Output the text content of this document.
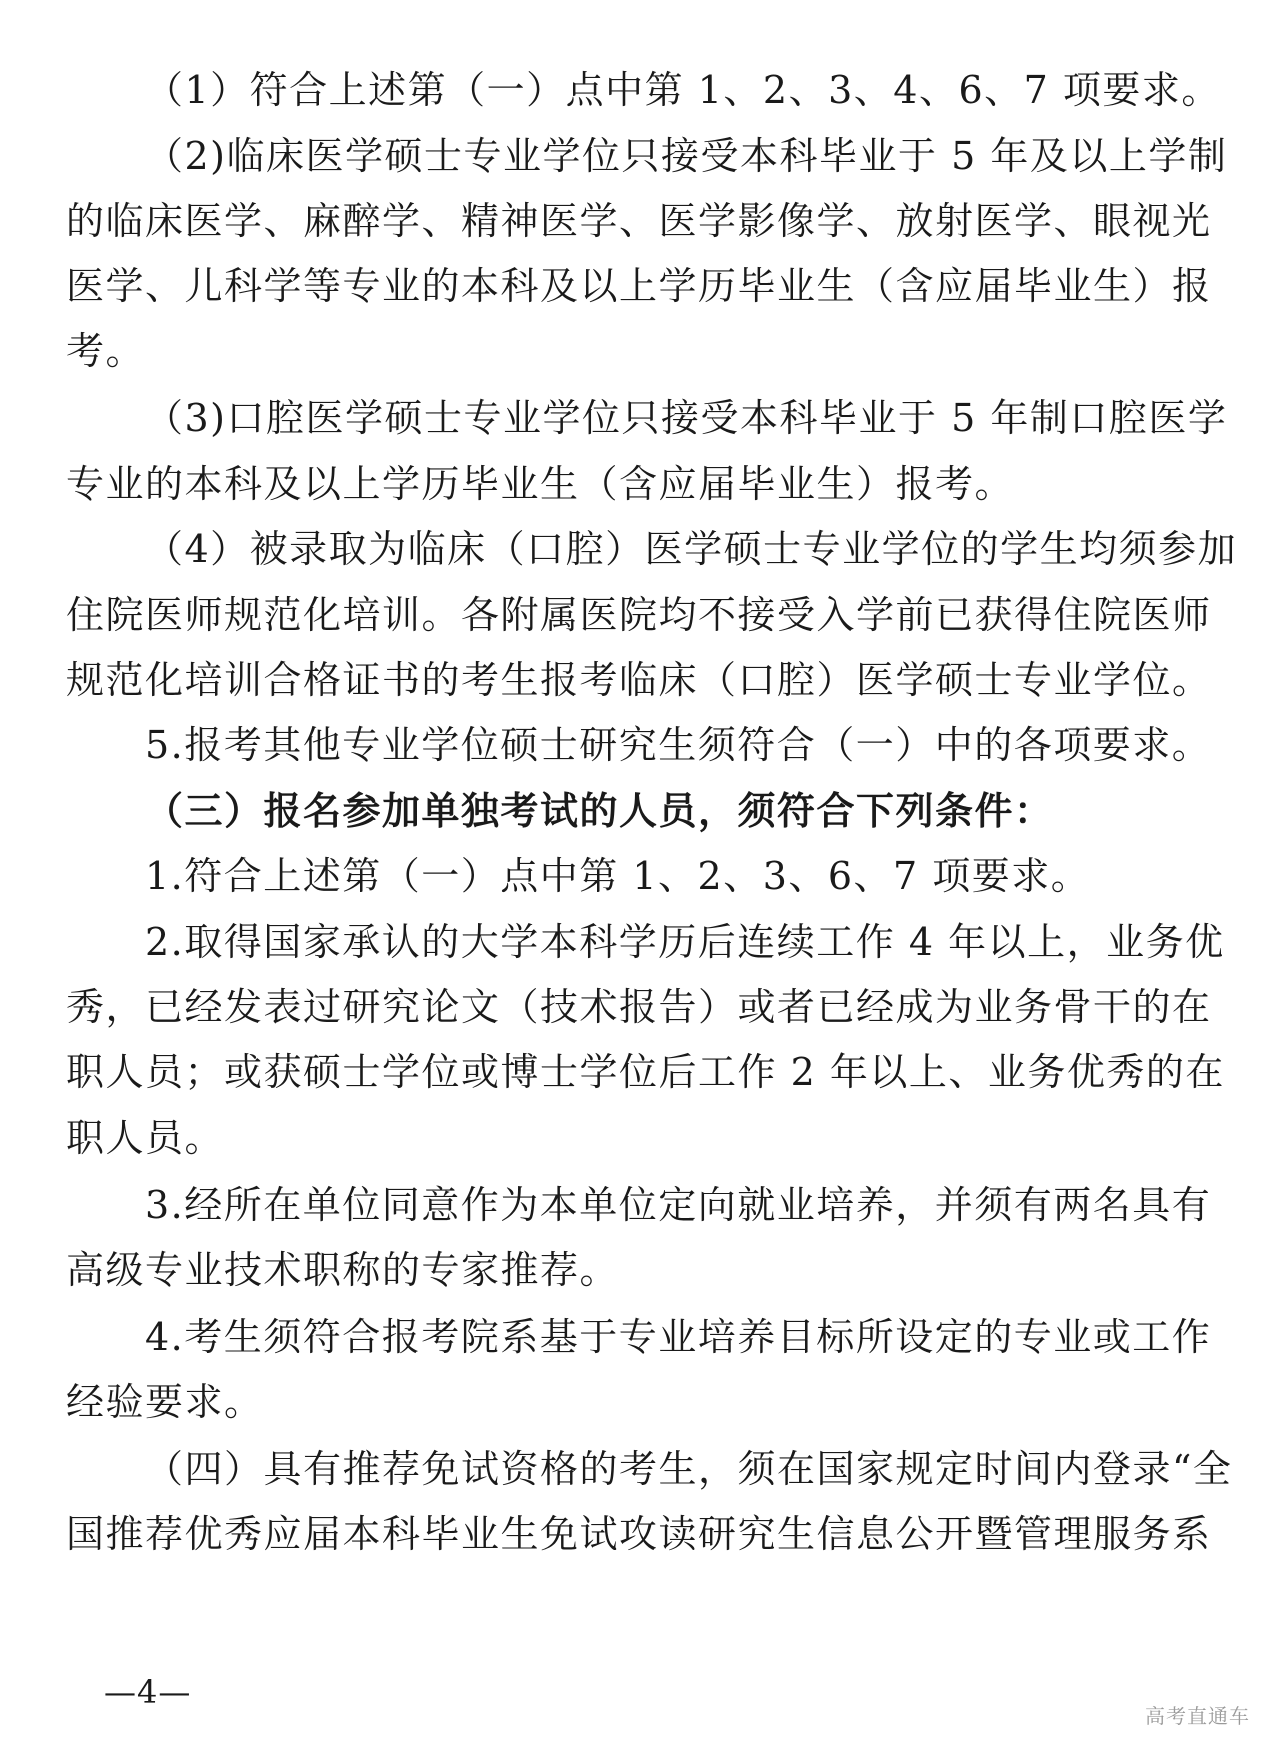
（1）符合上述第（一）点中第 1、2、3、4、6、7 项要求。
（2)临床医学硕士专业学位只接受本科毕业于 5 年及以上学制
的临床医学、麻醉学、精神医学、医学影像学、放射医学、眼视光
医学、儿科学等专业的本科及以上学历毕业生（含应届毕业生）报
考。
（3)口腔医学硕士专业学位只接受本科毕业于 5 年制口腔医学
专业的本科及以上学历毕业生（含应届毕业生）报考。
（4）被录取为临床（口腔）医学硕士专业学位的学生均须参加
住院医师规范化培训。各附属医院均不接受入学前已获得住院医师
规范化培训合格证书的考生报考临床（口腔）医学硕士专业学位。
5.报考其他专业学位硕士研究生须符合（一）中的各项要求。
（三）报名参加单独考试的人员，须符合下列条件：
1.符合上述第（一）点中第 1、2、3、6、7 项要求。
2.取得国家承认的大学本科学历后连续工作 4 年以上，业务优
秀，已经发表过研究论文（技术报告）或者已经成为业务骨干的在
职人员；或获硕士学位或博士学位后工作 2 年以上、业务优秀的在
职人员。
3.经所在单位同意作为本单位定向就业培养，并须有两名具有
高级专业技术职称的专家推荐。
4.考生须符合报考院系基于专业培养目标所设定的专业或工作
经验要求。
（四）具有推荐免试资格的考生，须在国家规定时间内登录“全
国推荐优秀应届本科毕业生免试攻读研究生信息公开暨管理服务系
—4—
高考直通车
